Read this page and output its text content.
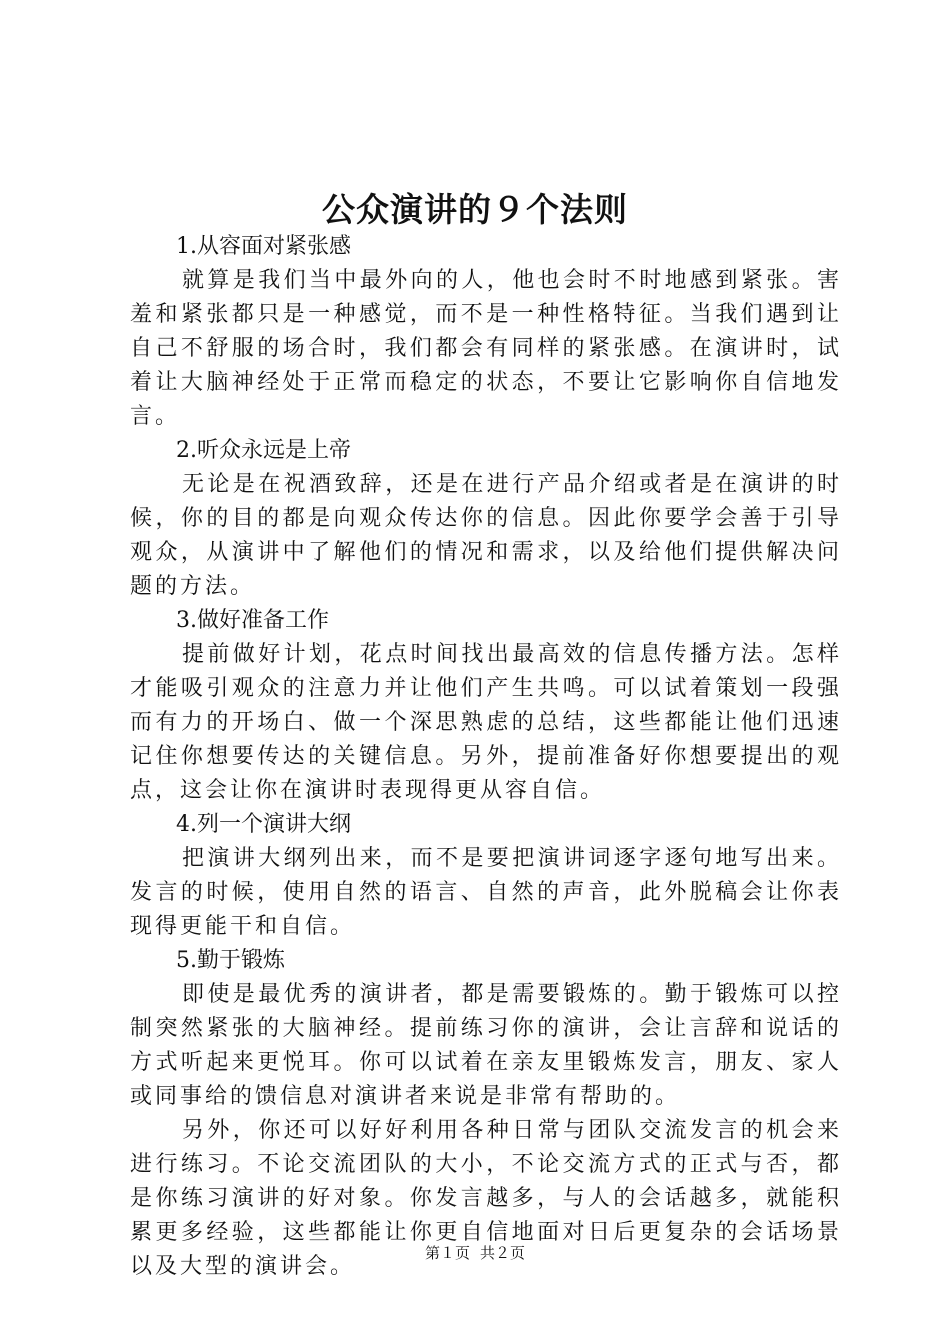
公众演讲的９个法则

1.从容面对紧张感

就算是我们当中最外向的人，他也会时不时地感到紧张。害羞和紧张都只是一种感觉，而不是一种性格特征。当我们遇到让自己不舒服的场合时，我们都会有同样的紧张感。在演讲时，试着让大脑神经处于正常而稳定的状态，不要让它影响你自信地发言。

2.听众永远是上帝

无论是在祝酒致辞，还是在进行产品介绍或者是在演讲的时候，你的目的都是向观众传达你的信息。因此你要学会善于引导观众，从演讲中了解他们的情况和需求，以及给他们提供解决问题的方法。

3.做好准备工作

提前做好计划，花点时间找出最高效的信息传播方法。怎样才能吸引观众的注意力并让他们产生共鸣。可以试着策划一段强而有力的开场白、做一个深思熟虑的总结，这些都能让他们迅速记住你想要传达的关键信息。另外，提前准备好你想要提出的观点，这会让你在演讲时表现得更从容自信。

4.列一个演讲大纲

把演讲大纲列出来，而不是要把演讲词逐字逐句地写出来。发言的时候，使用自然的语言、自然的声音，此外脱稿会让你表现得更能干和自信。

5.勤于锻炼

即使是最优秀的演讲者，都是需要锻炼的。勤于锻炼可以控制突然紧张的大脑神经。提前练习你的演讲，会让言辞和说话的方式听起来更悦耳。你可以试着在亲友里锻炼发言，朋友、家人或同事给的馈信息对演讲者来说是非常有帮助的。

另外，你还可以好好利用各种日常与团队交流发言的机会来进行练习。不论交流团队的大小，不论交流方式的正式与否，都是你练习演讲的好对象。你发言越多，与人的会话越多，就能积累更多经验，这些都能让你更自信地面对日后更复杂的会话场景以及大型的演讲会。

第１页 共２页
